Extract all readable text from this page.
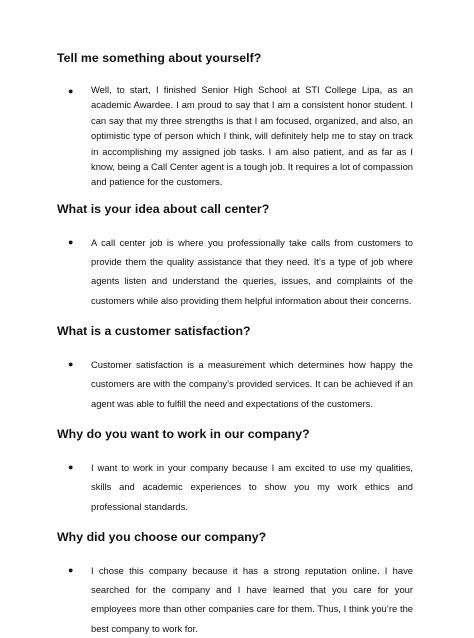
Tell me something about yourself?
●	Well, to start, I finished Senior High School at STI College Lipa, as an academic Awardee. I am proud to say that I am a consistent honor student. I can say that my three strengths is that I am focused, organized, and also, an optimistic type of person which I think, will definitely help me to stay on track in accomplishing my assigned job tasks. I am also patient, and as far as I know, being a Call Center agent is a tough job. It requires a lot of compassion and patience for the customers.

What is your idea about call center?
●	A call center job is where you professionally take calls from customers to provide them the quality assistance that they need. It’s a type of job where agents listen and understand the queries, issues, and complaints of the customers while also providing them helpful information about their concerns.

What is a customer satisfaction?
●	Customer satisfaction is a measurement which determines how happy the customers are with the company’s provided services. It can be achieved if an agent was able to fulfill the need and expectations of the customers.

Why do you want to work in our company?
●	I want to work in your company because I am excited to use my qualities, skills and academic experiences to show you my work ethics and professional standards.

Why did you choose our company?
●	I chose this company because it has a strong reputation online. I have searched for the company and I have learned that you care for your employees more than other companies care for them. Thus, I think you’re the best company to work for.
